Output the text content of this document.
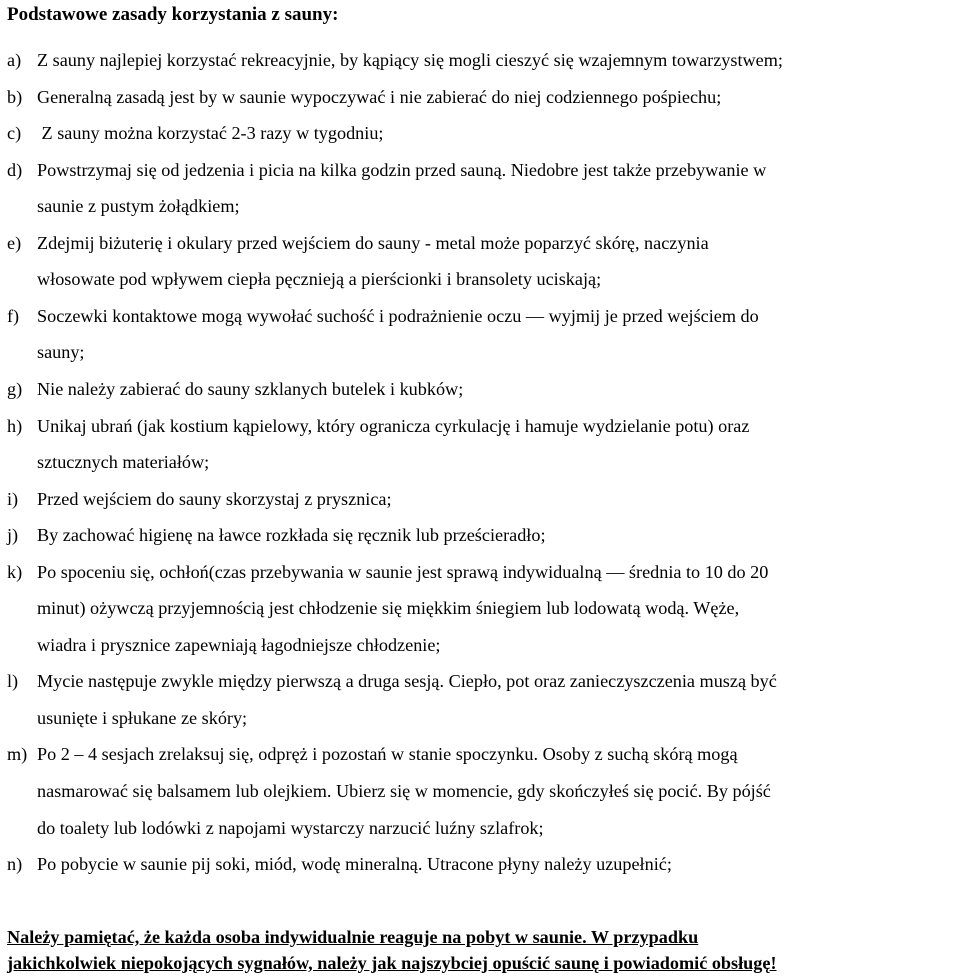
Podstawowe zasady korzystania z sauny:
a) Z sauny najlepiej korzystać rekreacyjnie, by kąpiący się mogli cieszyć się wzajemnym towarzystwem;
b) Generalną zasadą jest by w saunie wypoczywać i nie zabierać do niej codziennego pośpiechu;
c) Z sauny można korzystać 2-3 razy w tygodniu;
d) Powstrzymaj się od jedzenia i picia na kilka godzin przed sauną. Niedobre jest także przebywanie w
saunie z pustym żołądkiem;
e) Zdejmij biżuterię i okulary przed wejściem do sauny - metal może poparzyć skórę, naczynia
włosowate pod wpływem ciepła pęcznieją a pierścionki i bransolety uciskają;
f) Soczewki kontaktowe mogą wywołać suchość i podrażnienie oczu — wyjmij je przed wejściem do
sauny;
g) Nie należy zabierać do sauny szklanych butelek i kubków;
h) Unikaj ubrań (jak kostium kąpielowy, który ogranicza cyrkulację i hamuje wydzielanie potu) oraz
sztucznych materiałów;
i) Przed wejściem do sauny skorzystaj z prysznica;
j) By zachować higienę na ławce rozkłada się ręcznik lub prześcieradło;
k) Po spoceniu się, ochłoń(czas przebywania w saunie jest sprawą indywidualną — średnia to 10 do 20
minut) ożywczą przyjemnością jest chłodzenie się miękkim śniegiem lub lodowatą wodą. Węże,
wiadra i prysznice zapewniają łagodniejsze chłodzenie;
l) Mycie następuje zwykle między pierwszą a druga sesją. Ciepło, pot oraz zanieczyszczenia muszą być
usunięte i spłukane ze skóry;
m) Po 2 – 4 sesjach zrelaksuj się, odpręż i pozostań w stanie spoczynku. Osoby z suchą skórą mogą
nasmarować się balsamem lub olejkiem. Ubierz się w momencie, gdy skończyłeś się pocić. By pójść
do toalety lub lodówki z napojami wystarczy narzucić luźny szlafrok;
n) Po pobycie w saunie pij soki, miód, wodę mineralną. Utracone płyny należy uzupełnić;
Należy pamiętać, że każda osoba indywidualnie reaguje na pobyt w saunie. W przypadku
jakichkolwiek niepokojących sygnałów, należy jak najszybciej opuścić saunę i powiadomić obsługę!
